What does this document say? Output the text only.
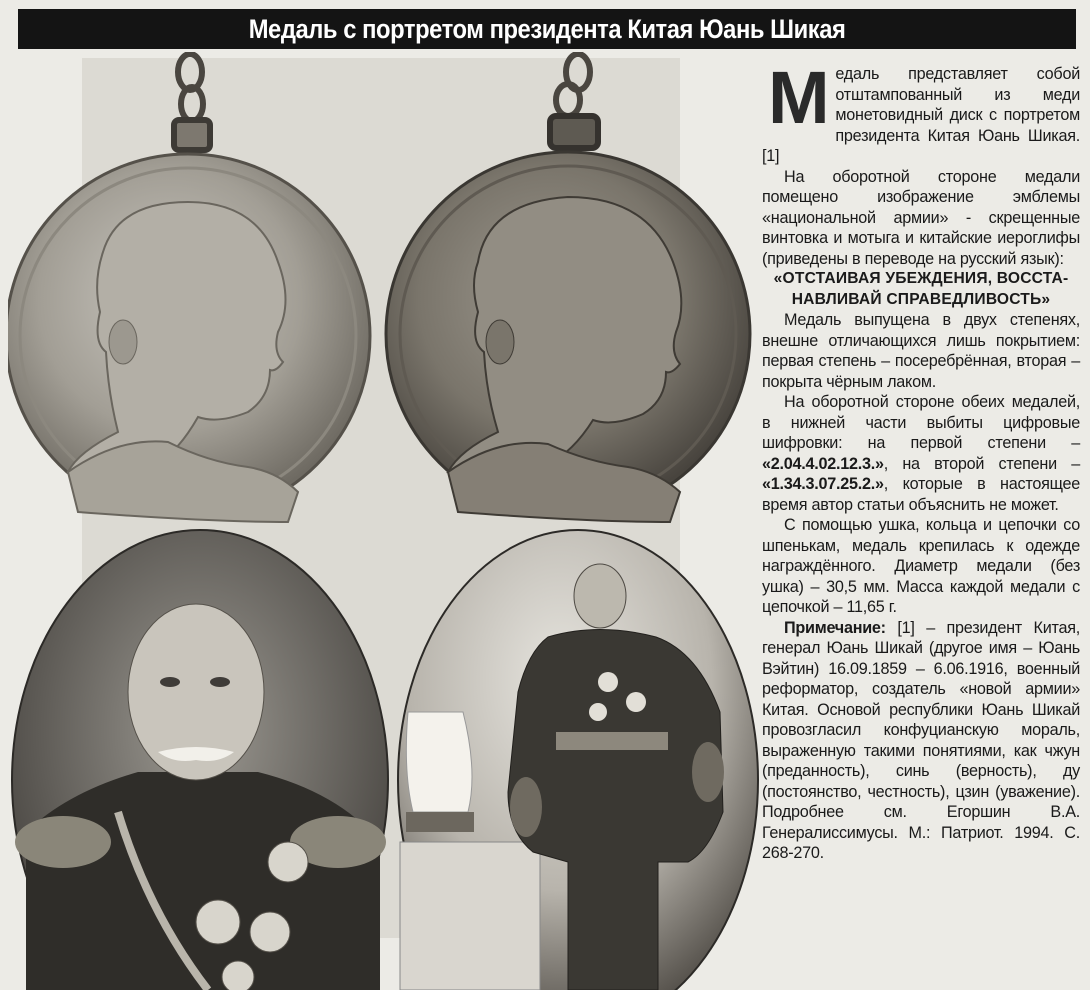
Медаль с портретом президента Китая Юань Шикая

Медаль представляет собой отштампованный из меди монетовидный диск с портретом президента Китая Юань Шикая. [1]

На оборотной стороне медали помещено изображение эмблемы «национальной армии» - скрещенные винтовка и мотыга и китайские иероглифы (приведены в переводе на русский язык):

«ОТСТАИВАЯ УБЕЖДЕНИЯ, ВОССТА-
НАВЛИВАЙ СПРАВЕДЛИВОСТЬ»

Медаль выпущена в двух степенях, внешне отличающихся лишь покрытием: первая степень – посеребрённая, вторая – покрыта чёрным лаком.

На оборотной стороне обеих медалей, в нижней части выбиты цифровые шифровки: на первой степени – «2.04.4.02.12.3.», на второй степени – «1.34.3.07.25.2.», которые в настоящее время автор статьи объяснить не может.

С помощью ушка, кольца и цепочки со шпенькам, медаль крепилась к одежде награждённого. Диаметр медали (без ушка) – 30,5 мм. Масса каждой медали с цепочкой – 11,65 г.

Примечание: [1] – президент Китая, генерал Юань Шикай (другое имя – Юань Вэйтин) 16.09.1859 – 6.06.1916, военный реформатор, создатель «новой армии» Китая. Основой республики Юань Шикай провозгласил конфуцианскую мораль, выраженную такими понятиями, как чжун (преданность), синь (верность), ду (постоянство, честность), цзин (уважение). Подробнее см. Егоршин В.А. Генералиссимусы. М.: Патриот. 1994. С. 268-270.
